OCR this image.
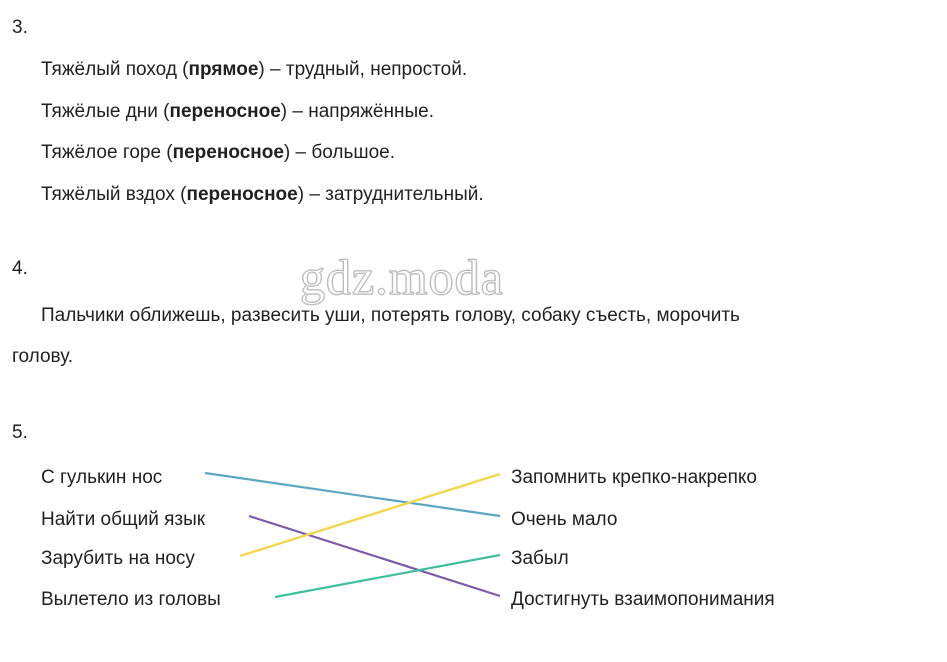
3.
Тяжёлый поход (прямое) – трудный, непростой.
Тяжёлые дни (переносное) – напряжённые.
Тяжёлое горе (переносное) – большое.
Тяжёлый вздох (переносное) – затруднительный.
4.
Пальчики оближешь, развесить уши, потерять голову, собаку съесть, морочить
голову.
gdz.moda
5.
С гулькин нос
Найти общий язык
Зарубить на носу
Вылетело из головы
Запомнить крепко-накрепко
Очень мало
Забыл
Достигнуть взаимопонимания
